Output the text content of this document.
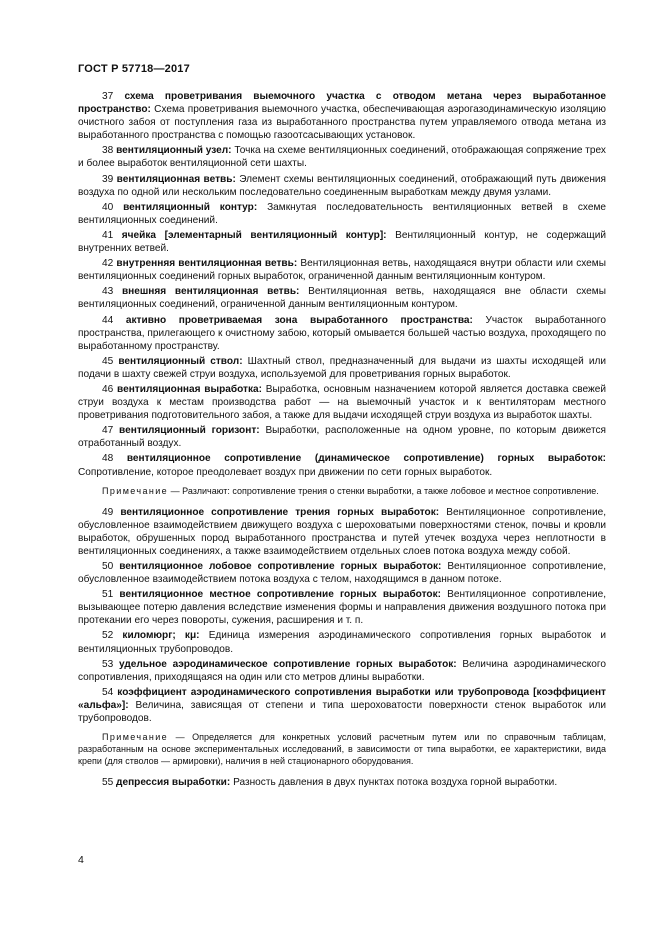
ГОСТ Р 57718—2017
37 схема проветривания выемочного участка с отводом метана через выработанное пространство: Схема проветривания выемочного участка, обеспечивающая аэрогазодинамическую изоляцию очистного забоя от поступления газа из выработанного пространства путем управляемого отвода метана из выработанного пространства с помощью газоотсасывающих установок.
38 вентиляционный узел: Точка на схеме вентиляционных соединений, отображающая сопряжение трех и более выработок вентиляционной сети шахты.
39 вентиляционная ветвь: Элемент схемы вентиляционных соединений, отображающий путь движения воздуха по одной или нескольким последовательно соединенным выработкам между двумя узлами.
40 вентиляционный контур: Замкнутая последовательность вентиляционных ветвей в схеме вентиляционных соединений.
41 ячейка [элементарный вентиляционный контур]: Вентиляционный контур, не содержащий внутренних ветвей.
42 внутренняя вентиляционная ветвь: Вентиляционная ветвь, находящаяся внутри области или схемы вентиляционных соединений горных выработок, ограниченной данным вентиляционным контуром.
43 внешняя вентиляционная ветвь: Вентиляционная ветвь, находящаяся вне области схемы вентиляционных соединений, ограниченной данным вентиляционным контуром.
44 активно проветриваемая зона выработанного пространства: Участок выработанного пространства, прилегающего к очистному забою, который омывается большей частью воздуха, проходящего по выработанному пространству.
45 вентиляционный ствол: Шахтный ствол, предназначенный для выдачи из шахты исходящей или подачи в шахту свежей струи воздуха, используемой для проветривания горных выработок.
46 вентиляционная выработка: Выработка, основным назначением которой является доставка свежей струи воздуха к местам производства работ — на выемочный участок и к вентиляторам местного проветривания подготовительного забоя, а также для выдачи исходящей струи воздуха из выработок шахты.
47 вентиляционный горизонт: Выработки, расположенные на одном уровне, по которым движется отработанный воздух.
48 вентиляционное сопротивление (динамическое сопротивление) горных выработок: Сопротивление, которое преодолевает воздух при движении по сети горных выработок.
Примечание — Различают: сопротивление трения о стенки выработки, а также лобовое и местное сопротивление.
49 вентиляционное сопротивление трения горных выработок: Вентиляционное сопротивление, обусловленное взаимодействием движущего воздуха с шероховатыми поверхностями стенок, почвы и кровли выработок, обрушенных пород выработанного пространства и путей утечек воздуха через неплотности в вентиляционных соединениях, а также взаимодействием отдельных слоев потока воздуха между собой.
50 вентиляционное лобовое сопротивление горных выработок: Вентиляционное сопротивление, обусловленное взаимодействием потока воздуха с телом, находящимся в данном потоке.
51 вентиляционное местное сопротивление горных выработок: Вентиляционное сопротивление, вызывающее потерю давления вследствие изменения формы и направления движения воздушного потока при протекании его через повороты, сужения, расширения и т. п.
52 киломюрг; кμ: Единица измерения аэродинамического сопротивления горных выработок и вентиляционных трубопроводов.
53 удельное аэродинамическое сопротивление горных выработок: Величина аэродинамического сопротивления, приходящаяся на один или сто метров длины выработки.
54 коэффициент аэродинамического сопротивления выработки или трубопровода [коэффициент «альфа»]: Величина, зависящая от степени и типа шероховатости поверхности стенок выработок или трубопроводов.
Примечание — Определяется для конкретных условий расчетным путем или по справочным таблицам, разработанным на основе экспериментальных исследований, в зависимости от типа выработки, ее характеристики, вида крепи (для стволов — армировки), наличия в ней стационарного оборудования.
55 депрессия выработки: Разность давления в двух пунктах потока воздуха горной выработки.
4
